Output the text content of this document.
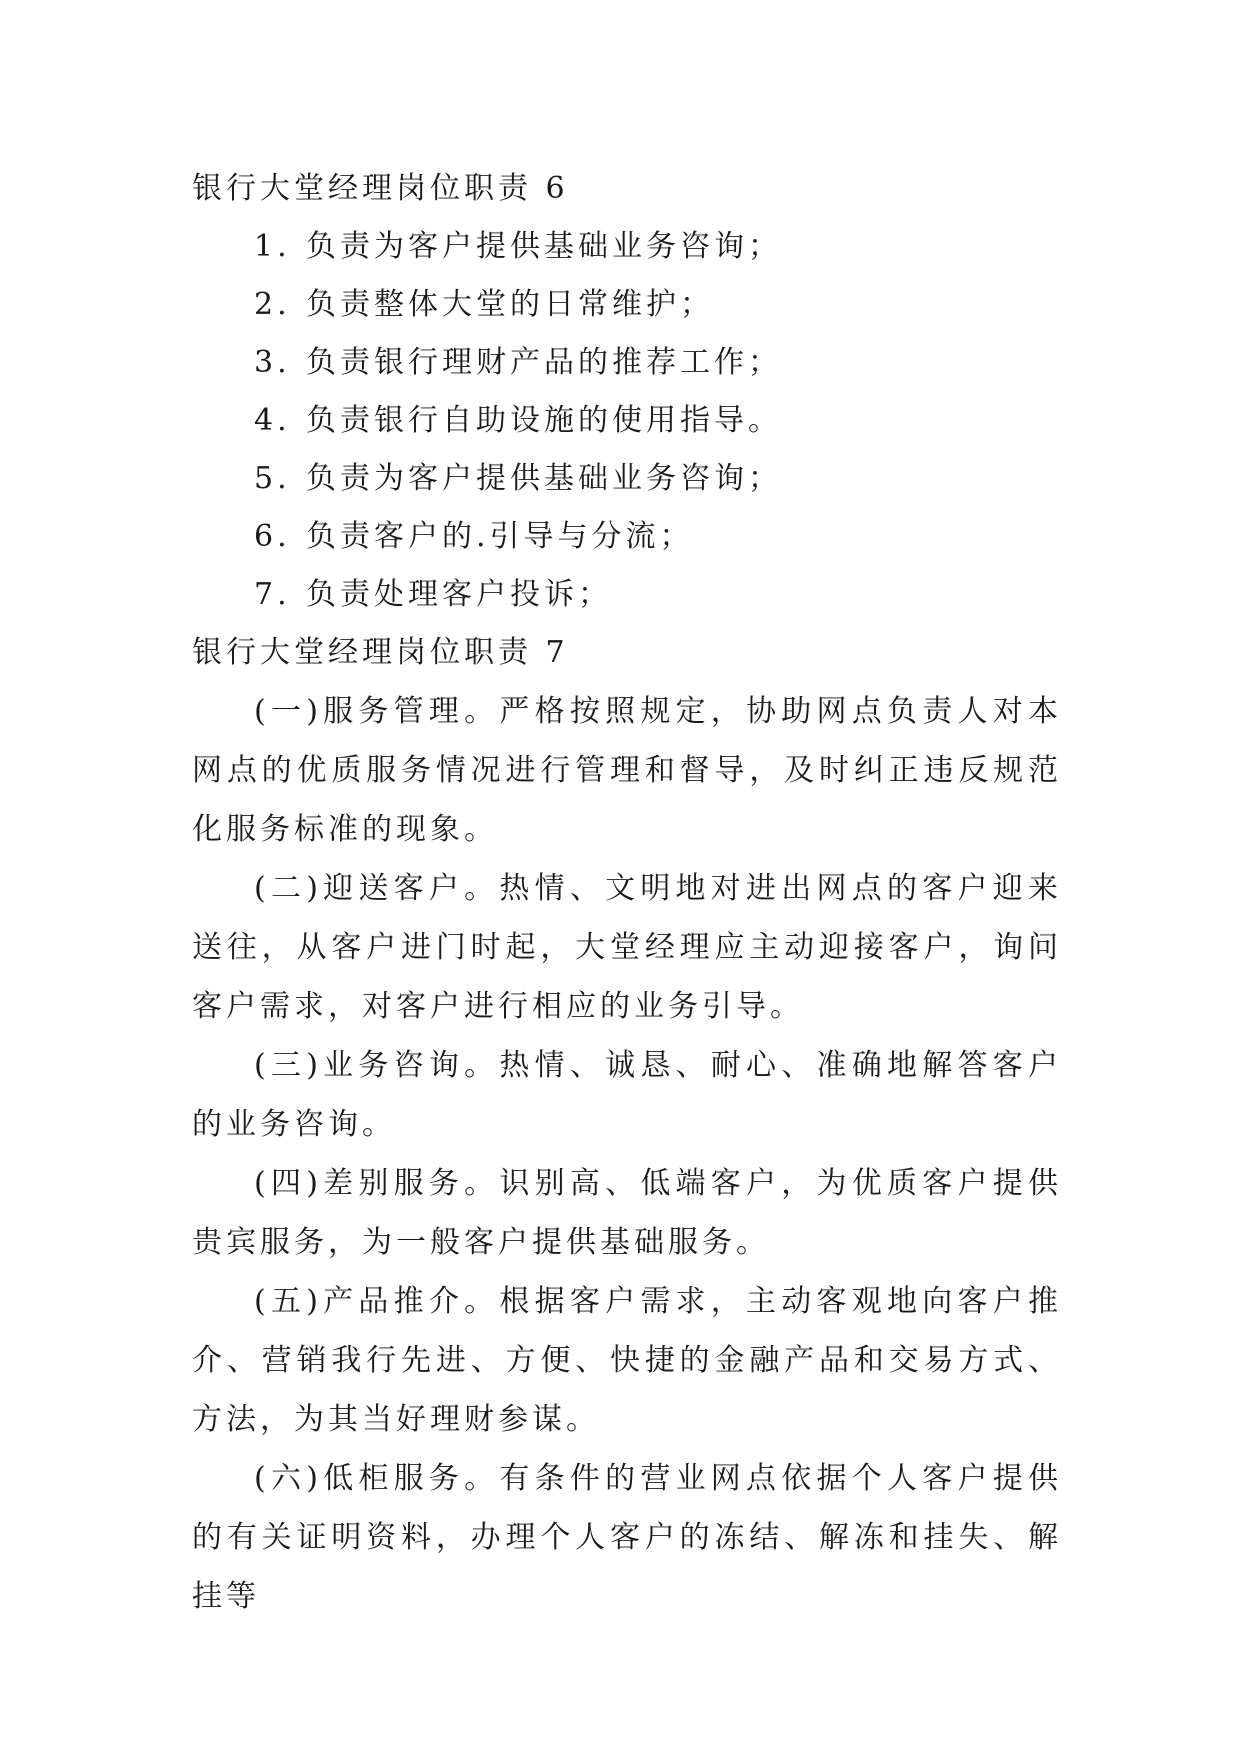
银行大堂经理岗位职责 6

1. 负责为客户提供基础业务咨询；
2. 负责整体大堂的日常维护；
3. 负责银行理财产品的推荐工作；
4. 负责银行自助设施的使用指导。
5. 负责为客户提供基础业务咨询；
6. 负责客户的.引导与分流；
7. 负责处理客户投诉；

银行大堂经理岗位职责 7

(一)服务管理。严格按照规定，协助网点负责人对本网点的优质服务情况进行管理和督导，及时纠正违反规范化服务标准的现象。

(二)迎送客户。热情、文明地对进出网点的客户迎来送往，从客户进门时起，大堂经理应主动迎接客户，询问客户需求，对客户进行相应的业务引导。

(三)业务咨询。热情、诚恳、耐心、准确地解答客户的业务咨询。

(四)差别服务。识别高、低端客户，为优质客户提供贵宾服务，为一般客户提供基础服务。

(五)产品推介。根据客户需求，主动客观地向客户推介、营销我行先进、方便、快捷的金融产品和交易方式、方法，为其当好理财参谋。

(六)低柜服务。有条件的营业网点依据个人客户提供的有关证明资料，办理个人客户的冻结、解冻和挂失、解挂等
